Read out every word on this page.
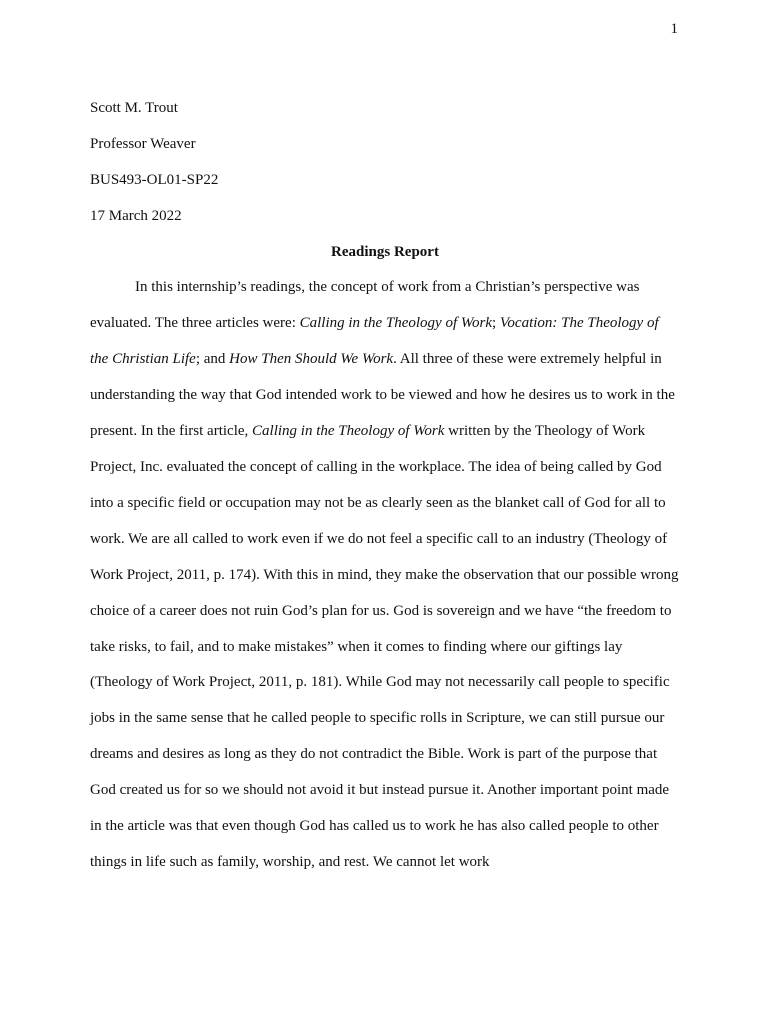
1
Scott M. Trout
Professor Weaver
BUS493-OL01-SP22
17 March 2022
Readings Report

In this internship’s readings, the concept of work from a Christian’s perspective was evaluated. The three articles were: Calling in the Theology of Work; Vocation: The Theology of the Christian Life; and How Then Should We Work. All three of these were extremely helpful in understanding the way that God intended work to be viewed and how he desires us to work in the present. In the first article, Calling in the Theology of Work written by the Theology of Work Project, Inc. evaluated the concept of calling in the workplace. The idea of being called by God into a specific field or occupation may not be as clearly seen as the blanket call of God for all to work. We are all called to work even if we do not feel a specific call to an industry (Theology of Work Project, 2011, p. 174). With this in mind, they make the observation that our possible wrong choice of a career does not ruin God’s plan for us. God is sovereign and we have “the freedom to take risks, to fail, and to make mistakes” when it comes to finding where our giftings lay (Theology of Work Project, 2011, p. 181). While God may not necessarily call people to specific jobs in the same sense that he called people to specific rolls in Scripture, we can still pursue our dreams and desires as long as they do not contradict the Bible. Work is part of the purpose that God created us for so we should not avoid it but instead pursue it. Another important point made in the article was that even though God has called us to work he has also called people to other things in life such as family, worship, and rest. We cannot let work
